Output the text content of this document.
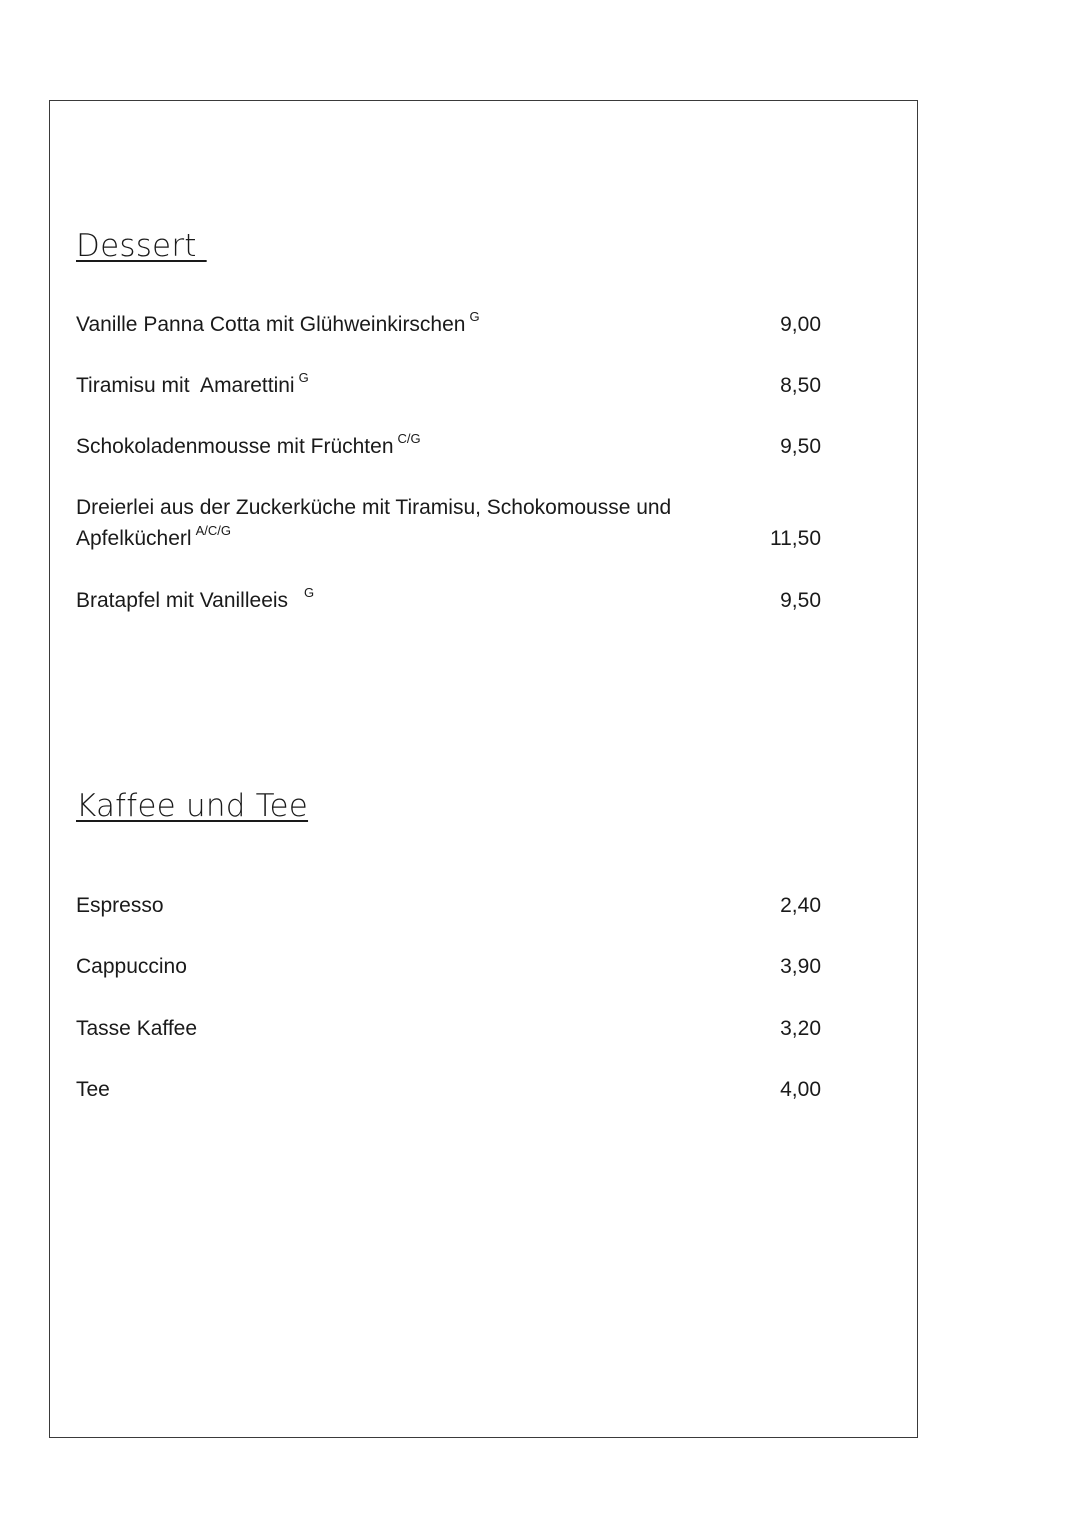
Dessert
Vanille Panna Cotta mit Glühweinkirschen $^G$	9,00
Tiramisu mit  Amarettini $^G$	8,50
Schokoladenmousse mit Früchten $^{C/G}$	9,50
Dreierlei aus der Zuckerküche mit Tiramisu, Schokomousse und Apfelkücherl $^{A/C/G}$	11,50
Bratapfel mit Vanilleeis $^G$	9,50
Kaffee und Tee
Espresso	2,40
Cappuccino	3,90
Tasse Kaffee	3,20
Tee	4,00
